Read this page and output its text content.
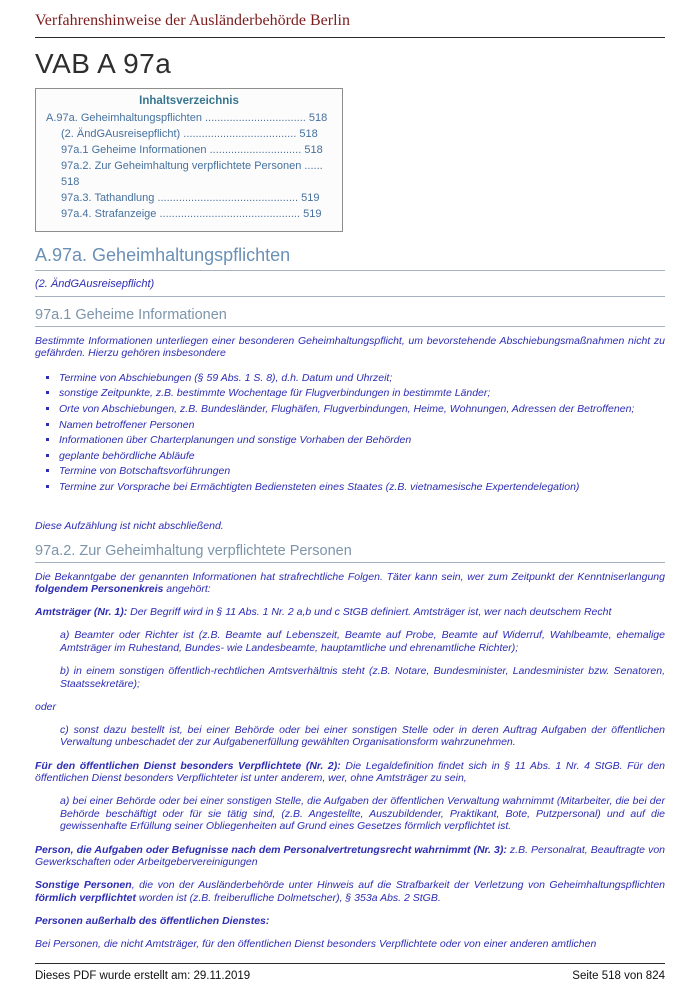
Verfahrenshinweise der Ausländerbehörde Berlin
VAB A 97a
Inhaltsverzeichnis
A.97a. Geheimhaltungspflichten ................................. 518
(2. ÄndGAusreisepflicht) ..................................... 518
97a.1 Geheime Informationen .............................. 518
97a.2. Zur Geheimhaltung verpflichtete Personen ...... 518
97a.3. Tathandlung .............................................. 519
97a.4. Strafanzeige .............................................. 519
A.97a. Geheimhaltungspflichten
(2. ÄndGAusreisepflicht)
97a.1 Geheime Informationen

Bestimmte Informationen unterliegen einer besonderen Geheimhaltungspflicht, um bevorstehende Abschiebungsmaßnahmen nicht zu gefährden. Hierzu gehören insbesondere

▪ Termine von Abschiebungen (§ 59 Abs. 1 S. 8), d.h. Datum und Uhrzeit;
▪ sonstige Zeitpunkte, z.B. bestimmte Wochentage für Flugverbindungen in bestimmte Länder;
▪ Orte von Abschiebungen, z.B. Bundesländer, Flughäfen, Flugverbindungen, Heime, Wohnungen, Adressen der Betroffenen;
▪ Namen betroffener Personen
▪ Informationen über Charterplanungen und sonstige Vorhaben der Behörden
▪ geplante behördliche Abläufe
▪ Termine von Botschaftsvorführungen
▪ Termine zur Vorsprache bei Ermächtigten Bediensteten eines Staates (z.B. vietnamesische Expertendelegation)

Diese Aufzählung ist nicht abschließend.

97a.2. Zur Geheimhaltung verpflichtete Personen

Die Bekanntgabe der genannten Informationen hat strafrechtliche Folgen. Täter kann sein, wer zum Zeitpunkt der Kenntniserlangung folgendem Personenkreis angehört:

Amtsträger (Nr. 1): Der Begriff wird in § 11 Abs. 1 Nr. 2 a,b und c StGB definiert. Amtsträger ist, wer nach deutschem Recht

a) Beamter oder Richter ist (z.B. Beamte auf Lebenszeit, Beamte auf Probe, Beamte auf Widerruf, Wahlbeamte, ehemalige Amtsträger im Ruhestand, Bundes- wie Landesbeamte, hauptamtliche und ehrenamtliche Richter);

b) in einem sonstigen öffentlich-rechtlichen Amtsverhältnis steht (z.B. Notare, Bundesminister, Landesminister bzw. Senatoren, Staatssekretäre);

oder

c) sonst dazu bestellt ist, bei einer Behörde oder bei einer sonstigen Stelle oder in deren Auftrag Aufgaben der öffentlichen Verwaltung unbeschadet der zur Aufgabenerfüllung gewählten Organisationsform wahrzunehmen.

Für den öffentlichen Dienst besonders Verpflichtete (Nr. 2): Die Legaldefinition findet sich in § 11 Abs. 1 Nr. 4 StGB. Für den öffentlichen Dienst besonders Verpflichteter ist unter anderem, wer, ohne Amtsträger zu sein,

a) bei einer Behörde oder bei einer sonstigen Stelle, die Aufgaben der öffentlichen Verwaltung wahrnimmt (Mitarbeiter, die bei der Behörde beschäftigt oder für sie tätig sind, (z.B. Angestellte, Auszubildender, Praktikant, Bote, Putzpersonal) und auf die gewissenhafte Erfüllung seiner Obliegenheiten auf Grund eines Gesetzes förmlich verpflichtet ist.

Person, die Aufgaben oder Befugnisse nach dem Personalvertretungsrecht wahrnimmt (Nr. 3): z.B. Personalrat, Beauftragte von Gewerkschaften oder Arbeitgebervereinigungen

Sonstige Personen, die von der Ausländerbehörde unter Hinweis auf die Strafbarkeit der Verletzung von Geheimhaltungspflichten förmlich verpflichtet worden ist (z.B. freiberufliche Dolmetscher), § 353a Abs. 2 StGB.

Personen außerhalb des öffentlichen Dienstes:

Bei Personen, die nicht Amtsträger, für den öffentlichen Dienst besonders Verpflichtete oder von einer anderen amtlichen

Dieses PDF wurde erstellt am: 29.11.2019	Seite 518 von 824
